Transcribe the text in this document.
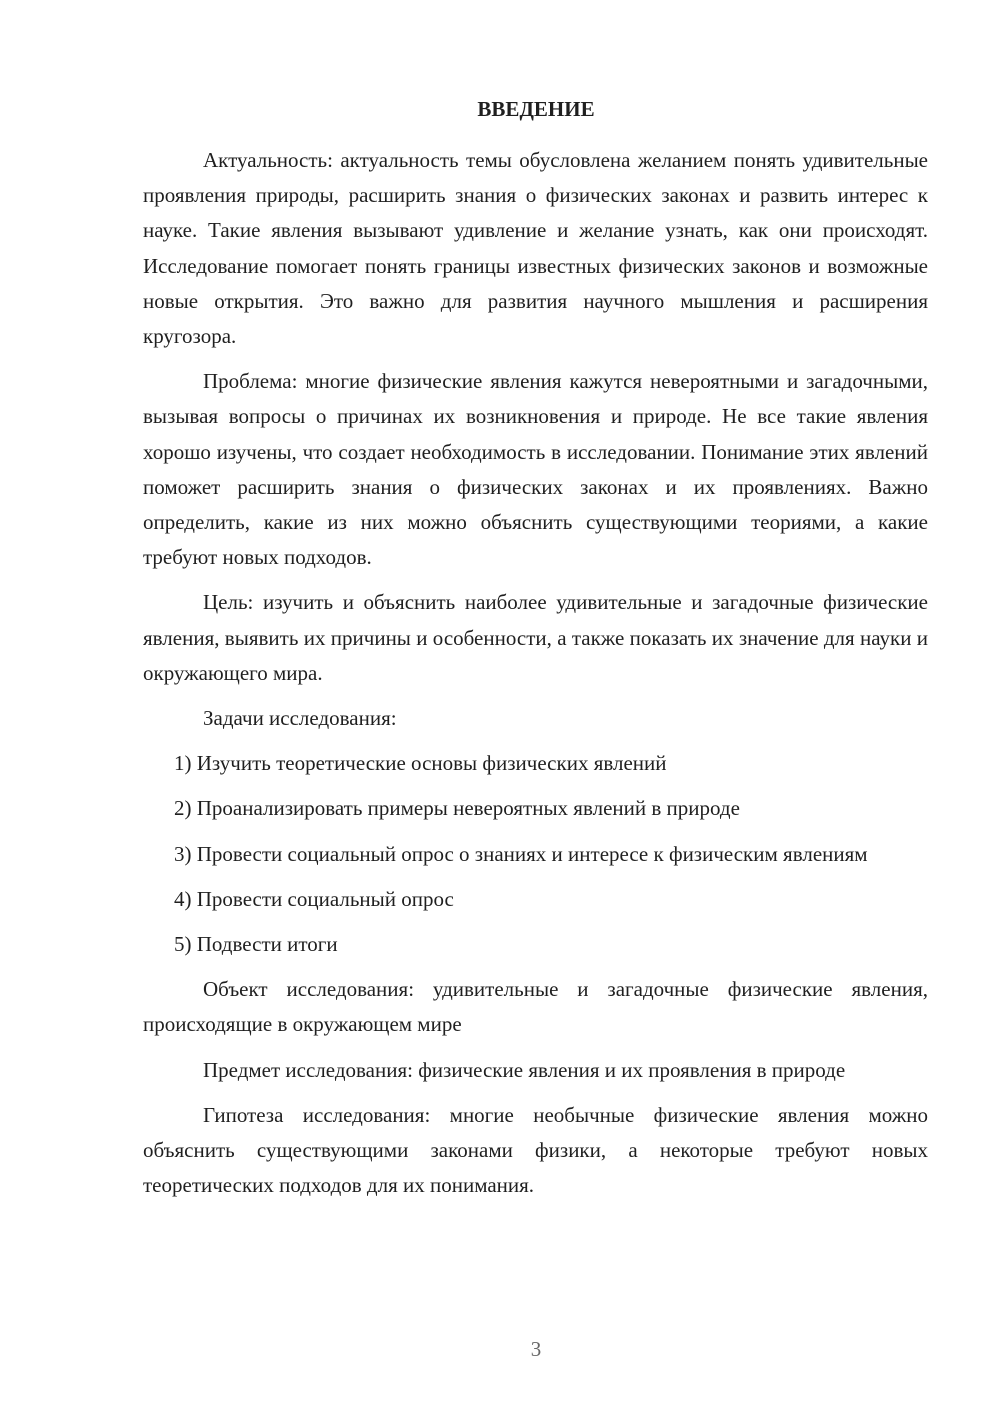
ВВЕДЕНИЕ

Актуальность: актуальность темы обусловлена желанием понять удивительные проявления природы, расширить знания о физических законах и развить интерес к науке. Такие явления вызывают удивление и желание узнать, как они происходят. Исследование помогает понять границы известных физических законов и возможные новые открытия. Это важно для развития научного мышления и расширения кругозора.

Проблема: многие физические явления кажутся невероятными и загадочными, вызывая вопросы о причинах их возникновения и природе. Не все такие явления хорошо изучены, что создает необходимость в исследовании. Понимание этих явлений поможет расширить знания о физических законах и их проявлениях. Важно определить, какие из них можно объяснить существующими теориями, а какие требуют новых подходов.

Цель: изучить и объяснить наиболее удивительные и загадочные физические явления, выявить их причины и особенности, а также показать их значение для науки и окружающего мира.

Задачи исследования:

1) Изучить теоретические основы физических явлений

2) Проанализировать примеры невероятных явлений в природе

3) Провести социальный опрос о знаниях и интересе к физическим явлениям

4) Провести социальный опрос

5) Подвести итоги

Объект исследования: удивительные и загадочные физические явления, происходящие в окружающем мире

Предмет исследования: физические явления и их проявления в природе

Гипотеза исследования: многие необычные физические явления можно объяснить существующими законами физики, а некоторые требуют новых теоретических подходов для их понимания.

3
